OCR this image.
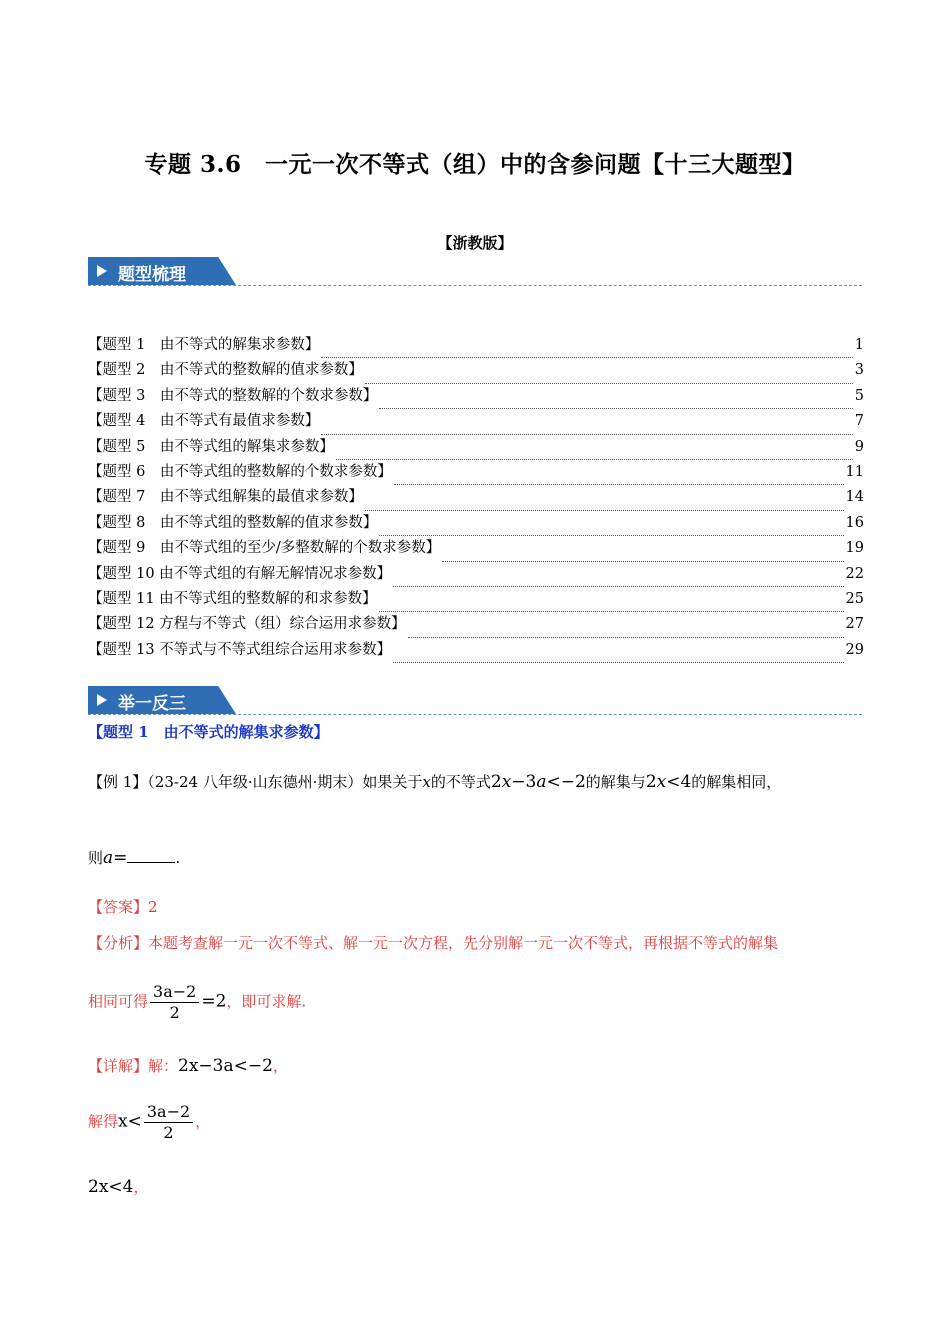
专题 3.6　一元一次不等式（组）中的含参问题【十三大题型】
【浙教版】
题型梳理
【题型 1　由不等式的解集求参数】	1
【题型 2　由不等式的整数解的值求参数】	3
【题型 3　由不等式的整数解的个数求参数】	5
【题型 4　由不等式有最值求参数】	7
【题型 5　由不等式组的解集求参数】	9
【题型 6　由不等式组的整数解的个数求参数】	11
【题型 7　由不等式组解集的最值求参数】	14
【题型 8　由不等式组的整数解的值求参数】	16
【题型 9　由不等式组的至少/多整数解的个数求参数】	19
【题型 10 由不等式组的有解无解情况求参数】	22
【题型 11 由不等式组的整数解的和求参数】	25
【题型 12 方程与不等式（组）综合运用求参数】	27
【题型 13 不等式与不等式组综合运用求参数】	29
举一反三
【题型 1　由不等式的解集求参数】
【例 1】（23-24 八年级·山东德州·期末）如果关于x的不等式2x−3a<−2的解集与2x<4的解集相同，
则a=	.
【答案】2
【分析】本题考查解一元一次不等式、解一元一次方程，先分别解一元一次不等式，再根据不等式的解集
相同可得 $\frac{3a-2}{2} =2$，即可求解.
【详解】解：2x−3a<−2，
解得$x< \frac{3a-2}{2}$ ，
2x<4，
